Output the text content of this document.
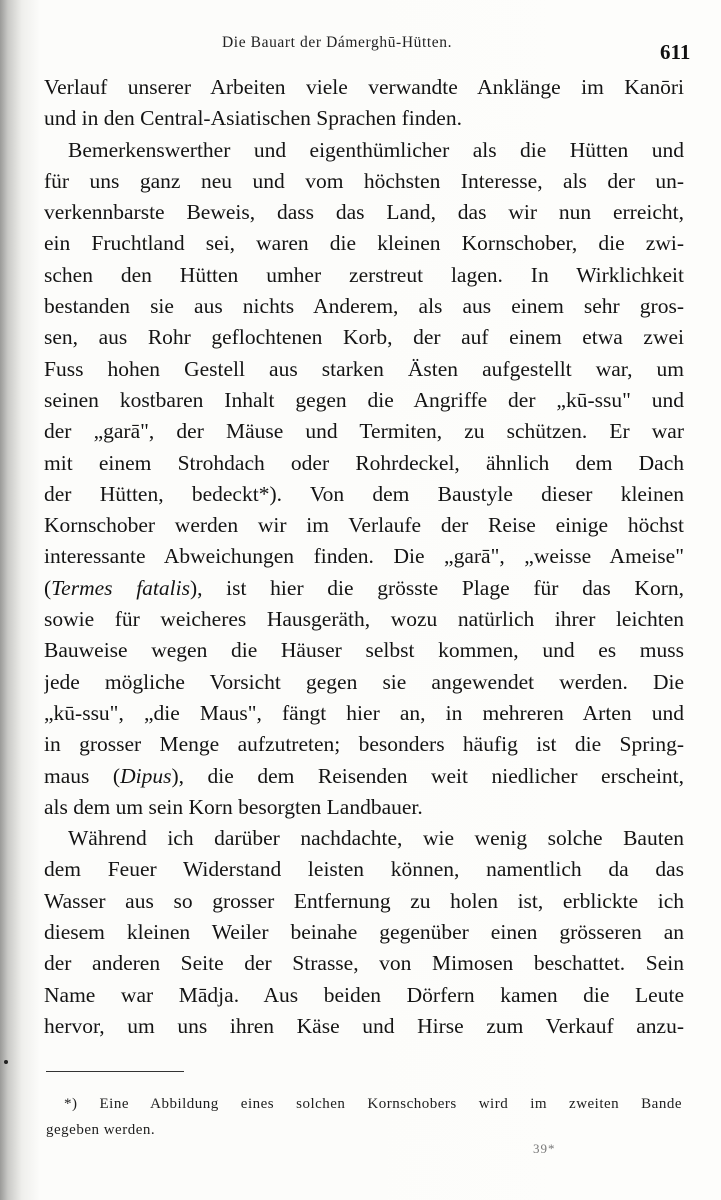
Die Bauart der Dámerghū-Hütten.	611
Verlauf unserer Arbeiten viele verwandte Anklänge im Kanōri
und in den Central-Asiatischen Sprachen finden.
Bemerkenswerther und eigenthümlicher als die Hütten und
für uns ganz neu und vom höchsten Interesse, als der un-
verkennbarste Beweis, dass das Land, das wir nun erreicht,
ein Fruchtland sei, waren die kleinen Kornschober, die zwi-
schen den Hütten umher zerstreut lagen. In Wirklichkeit
bestanden sie aus nichts Anderem, als aus einem sehr gros-
sen, aus Rohr geflochtenen Korb, der auf einem etwa zwei
Fuss hohen Gestell aus starken Ästen aufgestellt war, um
seinen kostbaren Inhalt gegen die Angriffe der „kū-ssu" und
der „garā", der Mäuse und Termiten, zu schützen. Er war
mit einem Strohdach oder Rohrdeckel, ähnlich dem Dach
der Hütten, bedeckt*). Von dem Baustyle dieser kleinen
Kornschober werden wir im Verlaufe der Reise einige höchst
interessante Abweichungen finden. Die „garā", „weisse Ameise"
(Termes fatalis), ist hier die grösste Plage für das Korn,
sowie für weicheres Hausgeräth, wozu natürlich ihrer leichten
Bauweise wegen die Häuser selbst kommen, und es muss
jede mögliche Vorsicht gegen sie angewendet werden. Die
„kū-ssu", „die Maus", fängt hier an, in mehreren Arten und
in grosser Menge aufzutreten; besonders häufig ist die Spring-
maus (Dipus), die dem Reisenden weit niedlicher erscheint,
als dem um sein Korn besorgten Landbauer.
Während ich darüber nachdachte, wie wenig solche Bauten
dem Feuer Widerstand leisten können, namentlich da das
Wasser aus so grosser Entfernung zu holen ist, erblickte ich
diesem kleinen Weiler beinahe gegenüber einen grösseren an
der anderen Seite der Strasse, von Mimosen beschattet. Sein
Name war Mādja. Aus beiden Dörfern kamen die Leute
hervor, um uns ihren Käse und Hirse zum Verkauf anzu-
*) Eine Abbildung eines solchen Kornschobers wird im zweiten Bande
gegeben werden.
39*
